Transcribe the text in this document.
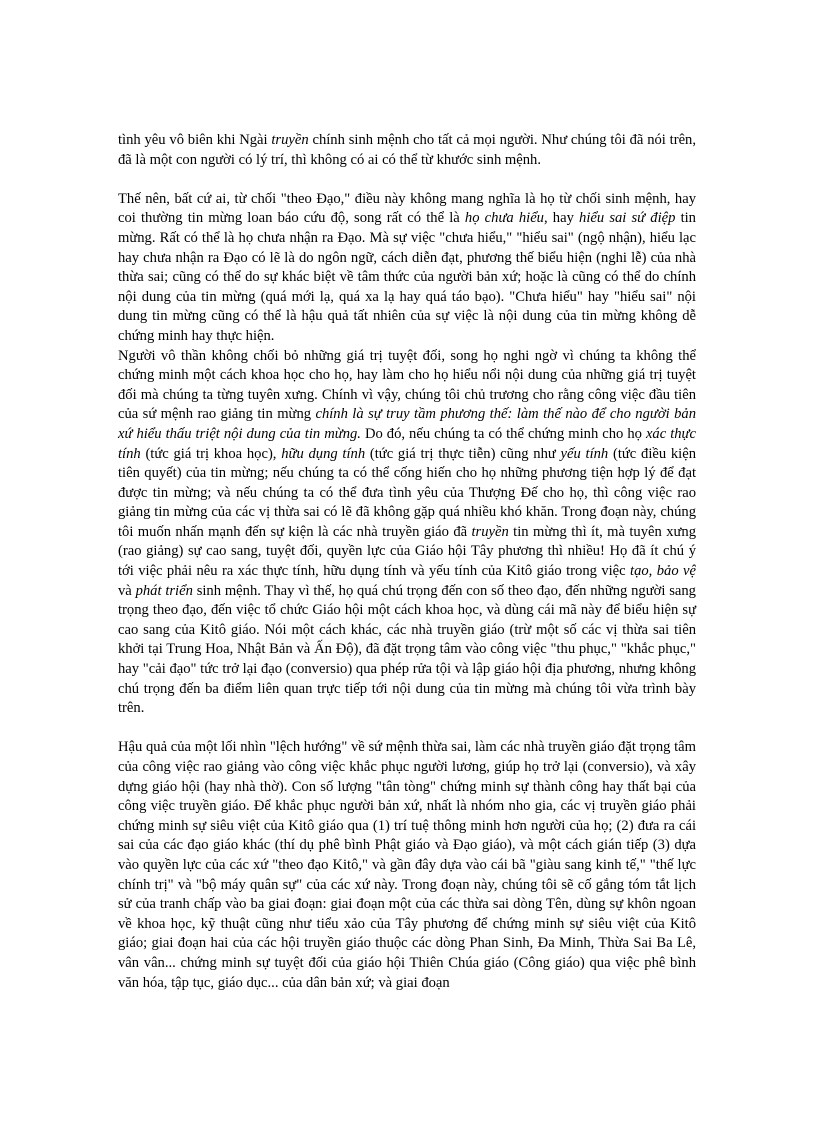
tình yêu vô biên khi Ngài truyền chính sinh mệnh cho tất cả mọi người. Như chúng tôi đã nói trên, đã là một con người có lý trí, thì không có ai có thể từ khước sinh mệnh.

Thế nên, bất cứ ai, từ chối "theo Đạo," điều này không mang nghĩa là họ từ chối sinh mệnh, hay coi thường tin mừng loan báo cứu độ, song rất có thể là họ chưa hiểu, hay hiểu sai sứ điệp tin mừng. Rất có thể là họ chưa nhận ra Đạo. Mà sự việc "chưa hiểu," "hiểu sai" (ngộ nhận), hiểu lạc hay chưa nhận ra Đạo có lẽ là do ngôn ngữ, cách diễn đạt, phương thế biểu hiện (nghi lễ) của nhà thừa sai; cũng có thể do sự khác biệt về tâm thức của người bản xứ; hoặc là cũng có thể do chính nội dung của tin mừng (quá mới lạ, quá xa lạ hay quá táo bạo). "Chưa hiểu" hay "hiểu sai" nội dung tin mừng cũng có thể là hậu quả tất nhiên của sự việc là nội dung của tin mừng không dễ chứng minh hay thực hiện.

Người vô thần không chối bỏ những giá trị tuyệt đối, song họ nghi ngờ vì chúng ta không thể chứng minh một cách khoa học cho họ, hay làm cho họ hiểu nổi nội dung của những giá trị tuyệt đối mà chúng ta từng tuyên xưng. Chính vì vậy, chúng tôi chủ trương cho rằng công việc đầu tiên của sứ mệnh rao giảng tin mừng chính là sự truy tầm phương thế: làm thế nào để cho người bản xứ hiểu thấu triệt nội dung của tin mừng. Do đó, nếu chúng ta có thể chứng minh cho họ xác thực tính (tức giá trị khoa học), hữu dụng tính (tức giá trị thực tiễn) cũng như yếu tính (tức điều kiện tiên quyết) của tin mừng; nếu chúng ta có thể cống hiến cho họ những phương tiện hợp lý để đạt được tin mừng; và nếu chúng ta có thể đưa tình yêu của Thượng Đế cho họ, thì công việc rao giảng tin mừng của các vị thừa sai có lẽ đã không gặp quá nhiều khó khăn. Trong đoạn này, chúng tôi muốn nhấn mạnh đến sự kiện là các nhà truyền giáo đã truyền tin mừng thì ít, mà tuyên xưng (rao giảng) sự cao sang, tuyệt đối, quyền lực của Giáo hội Tây phương thì nhiều! Họ đã ít chú ý tới việc phải nêu ra xác thực tính, hữu dụng tính và yếu tính của Kitô giáo trong việc tạo, bảo vệ và phát triển sinh mệnh. Thay vì thế, họ quá chú trọng đến con số theo đạo, đến những người sang trọng theo đạo, đến việc tổ chức Giáo hội một cách khoa học, và dùng cái mã này để biểu hiện sự cao sang của Kitô giáo. Nói một cách khác, các nhà truyền giáo (trừ một số các vị thừa sai tiên khởi tại Trung Hoa, Nhật Bản và Ấn Độ), đã đặt trọng tâm vào công việc "thu phục," "khắc phục," hay "cải đạo" tức trở lại đạo (conversio) qua phép rửa tội và lập giáo hội địa phương, nhưng không chú trọng đến ba điểm liên quan trực tiếp tới nội dung của tin mừng mà chúng tôi vừa trình bày trên.

Hậu quả của một lối nhìn "lệch hướng" về sứ mệnh thừa sai, làm các nhà truyền giáo đặt trọng tâm của công việc rao giảng vào công việc khắc phục người lương, giúp họ trở lại (conversio), và xây dựng giáo hội (hay nhà thờ). Con số lượng "tân tòng" chứng minh sự thành công hay thất bại của công việc truyền giáo. Để khắc phục người bản xứ, nhất là nhóm nho gia, các vị truyền giáo phải chứng minh sự siêu việt của Kitô giáo qua (1) trí tuệ thông minh hơn người của họ; (2) đưa ra cái sai của các đạo giáo khác (thí dụ phê bình Phật giáo và Đạo giáo), và một cách gián tiếp (3) dựa vào quyền lực của các xứ "theo đạo Kitô," và gần đây dựa vào cái bã "giàu sang kinh tế," "thế lực chính trị" và "bộ máy quân sự" của các xứ này. Trong đoạn này, chúng tôi sẽ cố gắng tóm tắt lịch sử của tranh chấp vào ba giai đoạn: giai đoạn một của các thừa sai dòng Tên, dùng sự khôn ngoan về khoa học, kỹ thuật cũng như tiểu xảo của Tây phương để chứng minh sự siêu việt của Kitô giáo; giai đoạn hai của các hội truyền giáo thuộc các dòng Phan Sinh, Đa Minh, Thừa Sai Ba Lê, vân vân... chứng minh sự tuyệt đối của giáo hội Thiên Chúa giáo (Công giáo) qua việc phê bình văn hóa, tập tục, giáo dục... của dân bản xứ; và giai đoạn
